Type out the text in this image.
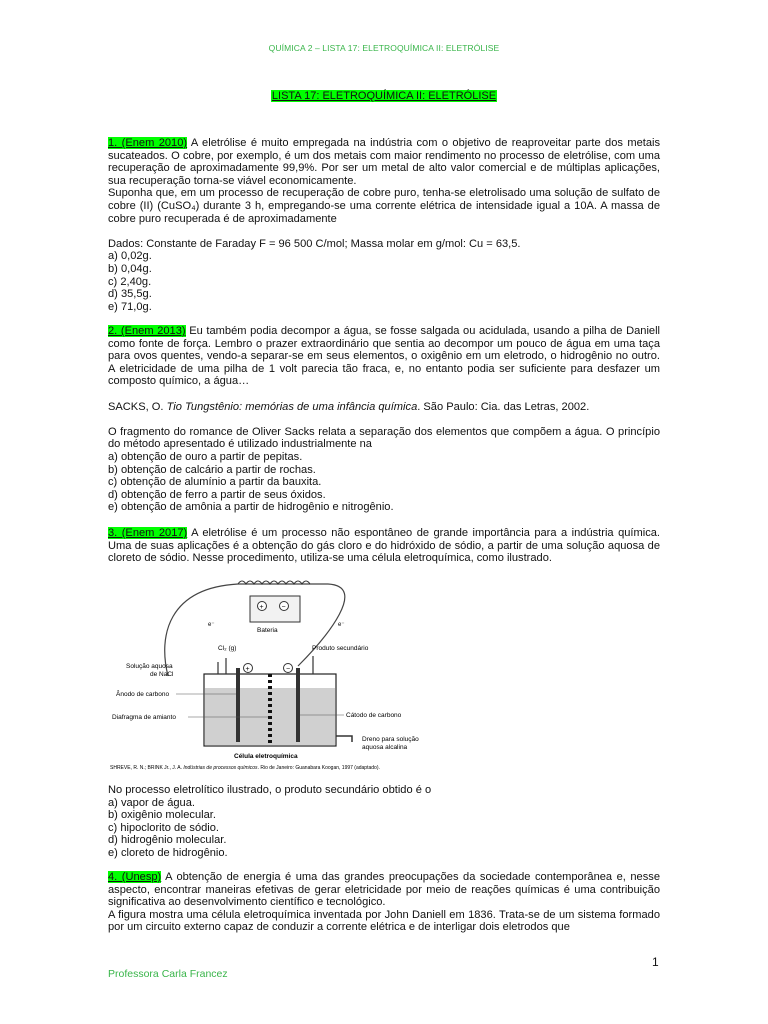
QUÍMICA 2 – LISTA 17: ELETROQUÍMICA II: ELETRÓLISE
LISTA 17: ELETROQUÍMICA II: ELETRÓLISE

1. (Enem 2010) A eletrólise é muito empregada na indústria com o objetivo de reaproveitar parte dos metais sucateados. O cobre, por exemplo, é um dos metais com maior rendimento no processo de eletrólise, com uma recuperação de aproximadamente 99,9%. Por ser um metal de alto valor comercial e de múltiplas aplicações, sua recuperação torna-se viável economicamente.

Suponha que, em um processo de recuperação de cobre puro, tenha-se eletrolisado uma solução de sulfato de cobre (II) (CuSO₄) durante 3 h, empregando-se uma corrente elétrica de intensidade igual a 10A. A massa de cobre puro recuperada é de aproximadamente

Dados: Constante de Faraday F = 96 500 C/mol; Massa molar em g/mol: Cu = 63,5.

a) 0,02g.

b) 0,04g.

c) 2,40g.

d) 35,5g.

e) 71,0g.

2. (Enem 2013) Eu também podia decompor a água, se fosse salgada ou acidulada, usando a pilha de Daniell como fonte de força. Lembro o prazer extraordinário que sentia ao decompor um pouco de água em uma taça para ovos quentes, vendo-a separar-se em seus elementos, o oxigênio em um eletrodo, o hidrogênio no outro. A eletricidade de uma pilha de 1 volt parecia tão fraca, e, no entanto podia ser suficiente para desfazer um composto químico, a água…

SACKS, O. Tio Tungstênio: memórias de uma infância química. São Paulo: Cia. das Letras, 2002.

O fragmento do romance de Oliver Sacks relata a separação dos elementos que compõem a água. O princípio do método apresentado é utilizado industrialmente na

a) obtenção de ouro a partir de pepitas.

b) obtenção de calcário a partir de rochas.

c) obtenção de alumínio a partir da bauxita.

d) obtenção de ferro a partir de seus óxidos.

e) obtenção de amônia a partir de hidrogênio e nitrogênio.

3. (Enem 2017) A eletrólise é um processo não espontâneo de grande importância para a indústria química. Uma de suas aplicações é a obtenção do gás cloro e do hidróxido de sódio, a partir de uma solução aquosa de cloreto de sódio. Nesse procedimento, utiliza-se uma célula eletroquímica, como ilustrado.

+	−
Bateria
e⁻	e⁻
+	−
Cl₂ (g)	Produto secundário
Solução aquosa
de NaCl
Ânodo de carbono
Diafragma de amianto	Cátodo de carbono
Dreno para solução
aquosa alcalina
Célula eletroquímica
SHREVE, R. N.; BRINK Jr., J. A. Indústrias de processos químicos. Rio de Janeiro: Guanabara Koogan, 1997 (adaptado).

No processo eletrolítico ilustrado, o produto secundário obtido é o

a) vapor de água.

b) oxigênio molecular.

c) hipoclorito de sódio.

d) hidrogênio molecular.

e) cloreto de hidrogênio.

4. (Unesp) A obtenção de energia é uma das grandes preocupações da sociedade contemporânea e, nesse aspecto, encontrar maneiras efetivas de gerar eletricidade por meio de reações químicas é uma contribuição significativa ao desenvolvimento científico e tecnológico.

A figura mostra uma célula eletroquímica inventada por John Daniell em 1836. Trata-se de um sistema formado por um circuito externo capaz de conduzir a corrente elétrica e de interligar dois eletrodos que

1
Professora Carla Francez
